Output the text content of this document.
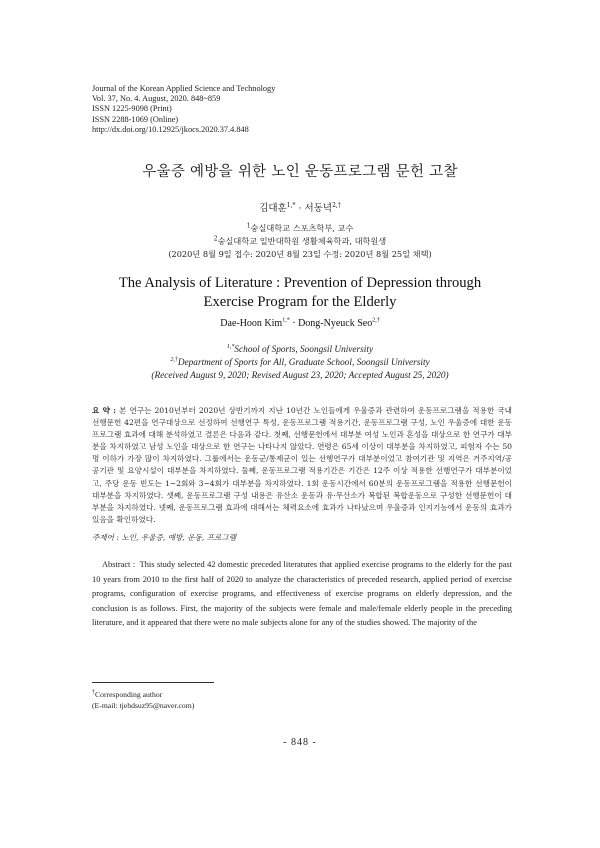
Journal of the Korean Applied Science and Technology
Vol. 37, No. 4. August, 2020. 848~859
ISSN 1225-9098 (Print)
ISSN 2288-1069 (Online)
http://dx.doi.org/10.12925/jkocs.2020.37.4.848
우울증 예방을 위한 노인 운동프로그램 문헌 고찰
김대훈$^{1,*}$ · 서동녁$^{2,\dagger}$
$^1$숭실대학교 스포츠학부, 교수
$^2$숭실대학교 일반대학원 생활체육학과, 대학원생
(2020년 8월 9일 접수: 2020년 8월 23일 수정: 2020년 8월 25일 채택)
The Analysis of Literature : Prevention of Depression through
Exercise Program for the Elderly
Dae-Hoon Kim$^{1,*}$ · Dong-Nyeuck Seo$^{2,\dagger}$
$^{1,*}$School of Sports, Soongsil University
$^{2,\dagger}$Department of Sports for All, Graduate School, Soongsil University
(Received August 9, 2020; Revised August 23, 2020; Accepted August 25, 2020)
요 약 : 본 연구는 2010년부터 2020년 상반기까지 지난 10년간 노인들에게 우울증과 관련하여 운동프로그램을 적용한 국내 선행문헌 42편을 연구대상으로 선정하여 선행연구 특성, 운동프로그램 적용기간, 운동프로그램 구성, 노인 우울증에 대한 운동프로그램 효과에 대해 분석하였고 결론은 다음과 같다. 첫째, 선행문헌에서 대부분 여성 노인과 혼성을 대상으로 한 연구가 대부분을 차지하였고 남성 노인을 대상으로 한 연구는 나타나지 않았다. 연령은 65세 이상이 대부분을 차지하였고, 피험자 수는 50명 이하가 가장 많이 차지하였다. 그룹에서는 운동군/통제군이 있는 선행연구가 대부분이었고 참여기관 및 지역은 거주지역/공공기관 및 요양시설이 대부분을 차지하였다. 둘째, 운동프로그램 적용기간은 기간은 12주 이상 적용한 선행연구가 대부분이었고, 주당 운동 빈도는 1~2회와 3~4회가 대부분을 차지하였다. 1회 운동시간에서 60분의 운동프로그램을 적용한 선행문헌이 대부분을 차지하였다. 셋째, 운동프로그램 구성 내용은 유산소 운동과 유·무산소가 복합된 복합운동으로 구성한 선행문헌이 대부분을 차지하였다. 넷째, 운동프로그램 효과에 대해서는 체력요소에 효과가 나타났으며 우울증과 인지기능에서 운동의 효과가 있음을 확인하였다.
주제어 : 노인, 우울증, 예방, 운동, 프로그램
Abstract : This study selected 42 domestic preceded literatures that applied exercise programs to the elderly for the past 10 years from 2010 to the first half of 2020 to analyze the characteristics of preceded research, applied period of exercise programs, configuration of exercise programs, and effectiveness of exercise programs on elderly depression, and the conclusion is as follows. First, the majority of the subjects were female and male/female elderly people in the preceding literature, and it appeared that there were no male subjects alone for any of the studies showed. The majority of the
†Corresponding author
(E-mail: tjehdsuz95@naver.com)
- 848 -
